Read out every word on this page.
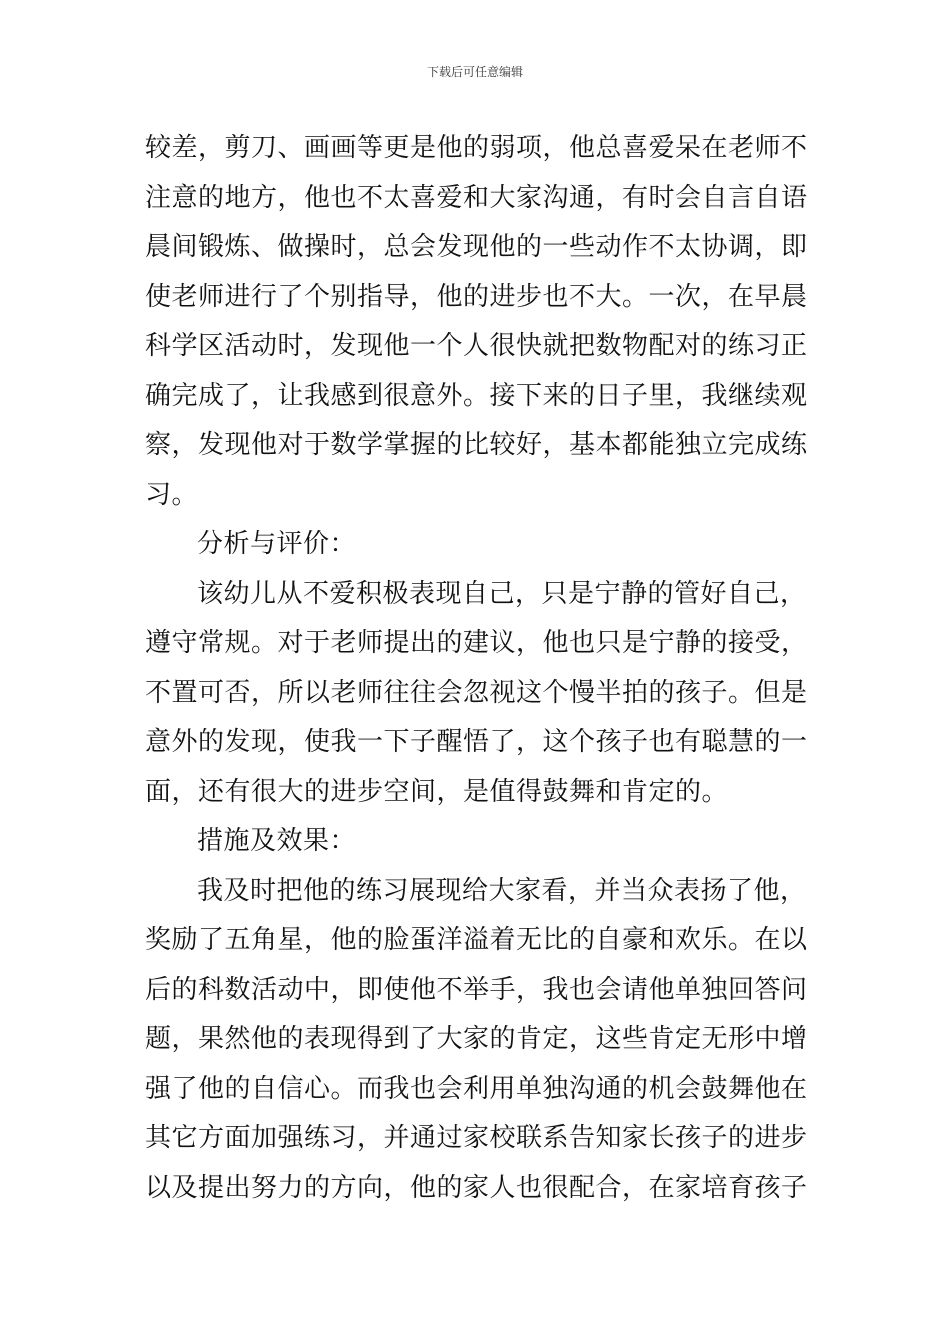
下载后可任意编辑
较差，剪刀、画画等更是他的弱项，他总喜爱呆在老师不
注意的地方，他也不太喜爱和大家沟通，有时会自言自语
晨间锻炼、做操时，总会发现他的一些动作不太协调，即
使老师进行了个别指导，他的进步也不大。一次，在早晨
科学区活动时，发现他一个人很快就把数物配对的练习正
确完成了，让我感到很意外。接下来的日子里，我继续观
察，发现他对于数学掌握的比较好，基本都能独立完成练
习。
分析与评价：
该幼儿从不爱积极表现自己，只是宁静的管好自己，
遵守常规。对于老师提出的建议，他也只是宁静的接受，
不置可否，所以老师往往会忽视这个慢半拍的孩子。但是
意外的发现，使我一下子醒悟了，这个孩子也有聪慧的一
面，还有很大的进步空间，是值得鼓舞和肯定的。
措施及效果：
我及时把他的练习展现给大家看，并当众表扬了他，
奖励了五角星，他的脸蛋洋溢着无比的自豪和欢乐。在以
后的科数活动中，即使他不举手，我也会请他单独回答问
题，果然他的表现得到了大家的肯定，这些肯定无形中增
强了他的自信心。而我也会利用单独沟通的机会鼓舞他在
其它方面加强练习，并通过家校联系告知家长孩子的进步
以及提出努力的方向，他的家人也很配合，在家培育孩子
